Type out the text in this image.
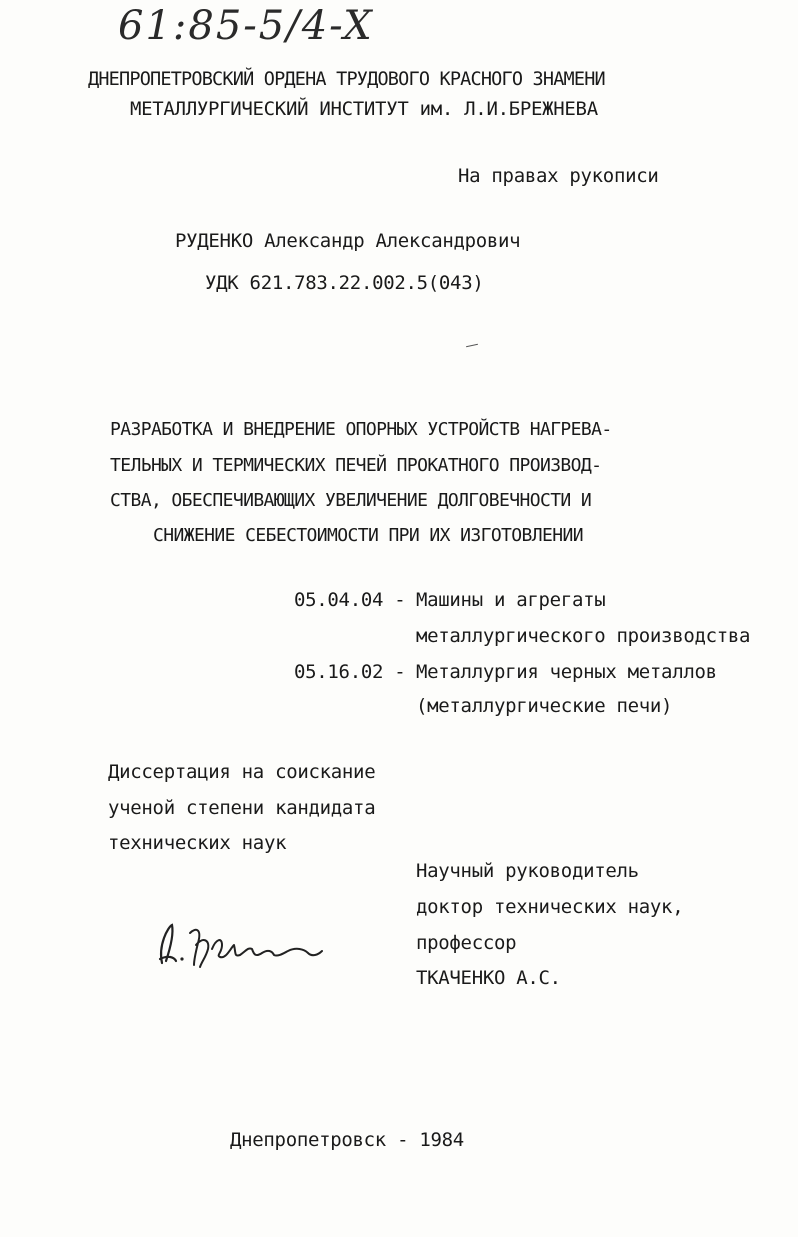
61:85-5/4-X
ДНЕПРОПЕТРОВСКИЙ ОРДЕНА ТРУДОВОГО КРАСНОГО ЗНАМЕНИ
МЕТАЛЛУРГИЧЕСКИЙ ИНСТИТУТ им. Л.И.БРЕЖНЕВА
На правах рукописи
РУДЕНКО Александр Александрович
УДК 621.783.22.002.5(043)
РАЗРАБОТКА И ВНЕДРЕНИЕ ОПОРНЫХ УСТРОЙСТВ НАГРЕВА-
ТЕЛЬНЫХ И ТЕРМИЧЕСКИХ ПЕЧЕЙ ПРОКАТНОГО ПРОИЗВОД-
СТВА, ОБЕСПЕЧИВАЮЩИХ УВЕЛИЧЕНИЕ ДОЛГОВЕЧНОСТИ И
СНИЖЕНИЕ СЕБЕСТОИМОСТИ ПРИ ИХ ИЗГОТОВЛЕНИИ
05.04.04 - Машины и агрегаты
металлургического производства
05.16.02 - Металлургия черных металлов
(металлургические печи)
Диссертация на соискание
ученой степени кандидата
технических наук
Научный руководитель
доктор технических наук,
профессор
ТКАЧЕНКО А.С.
Днепропетровск - 1984
